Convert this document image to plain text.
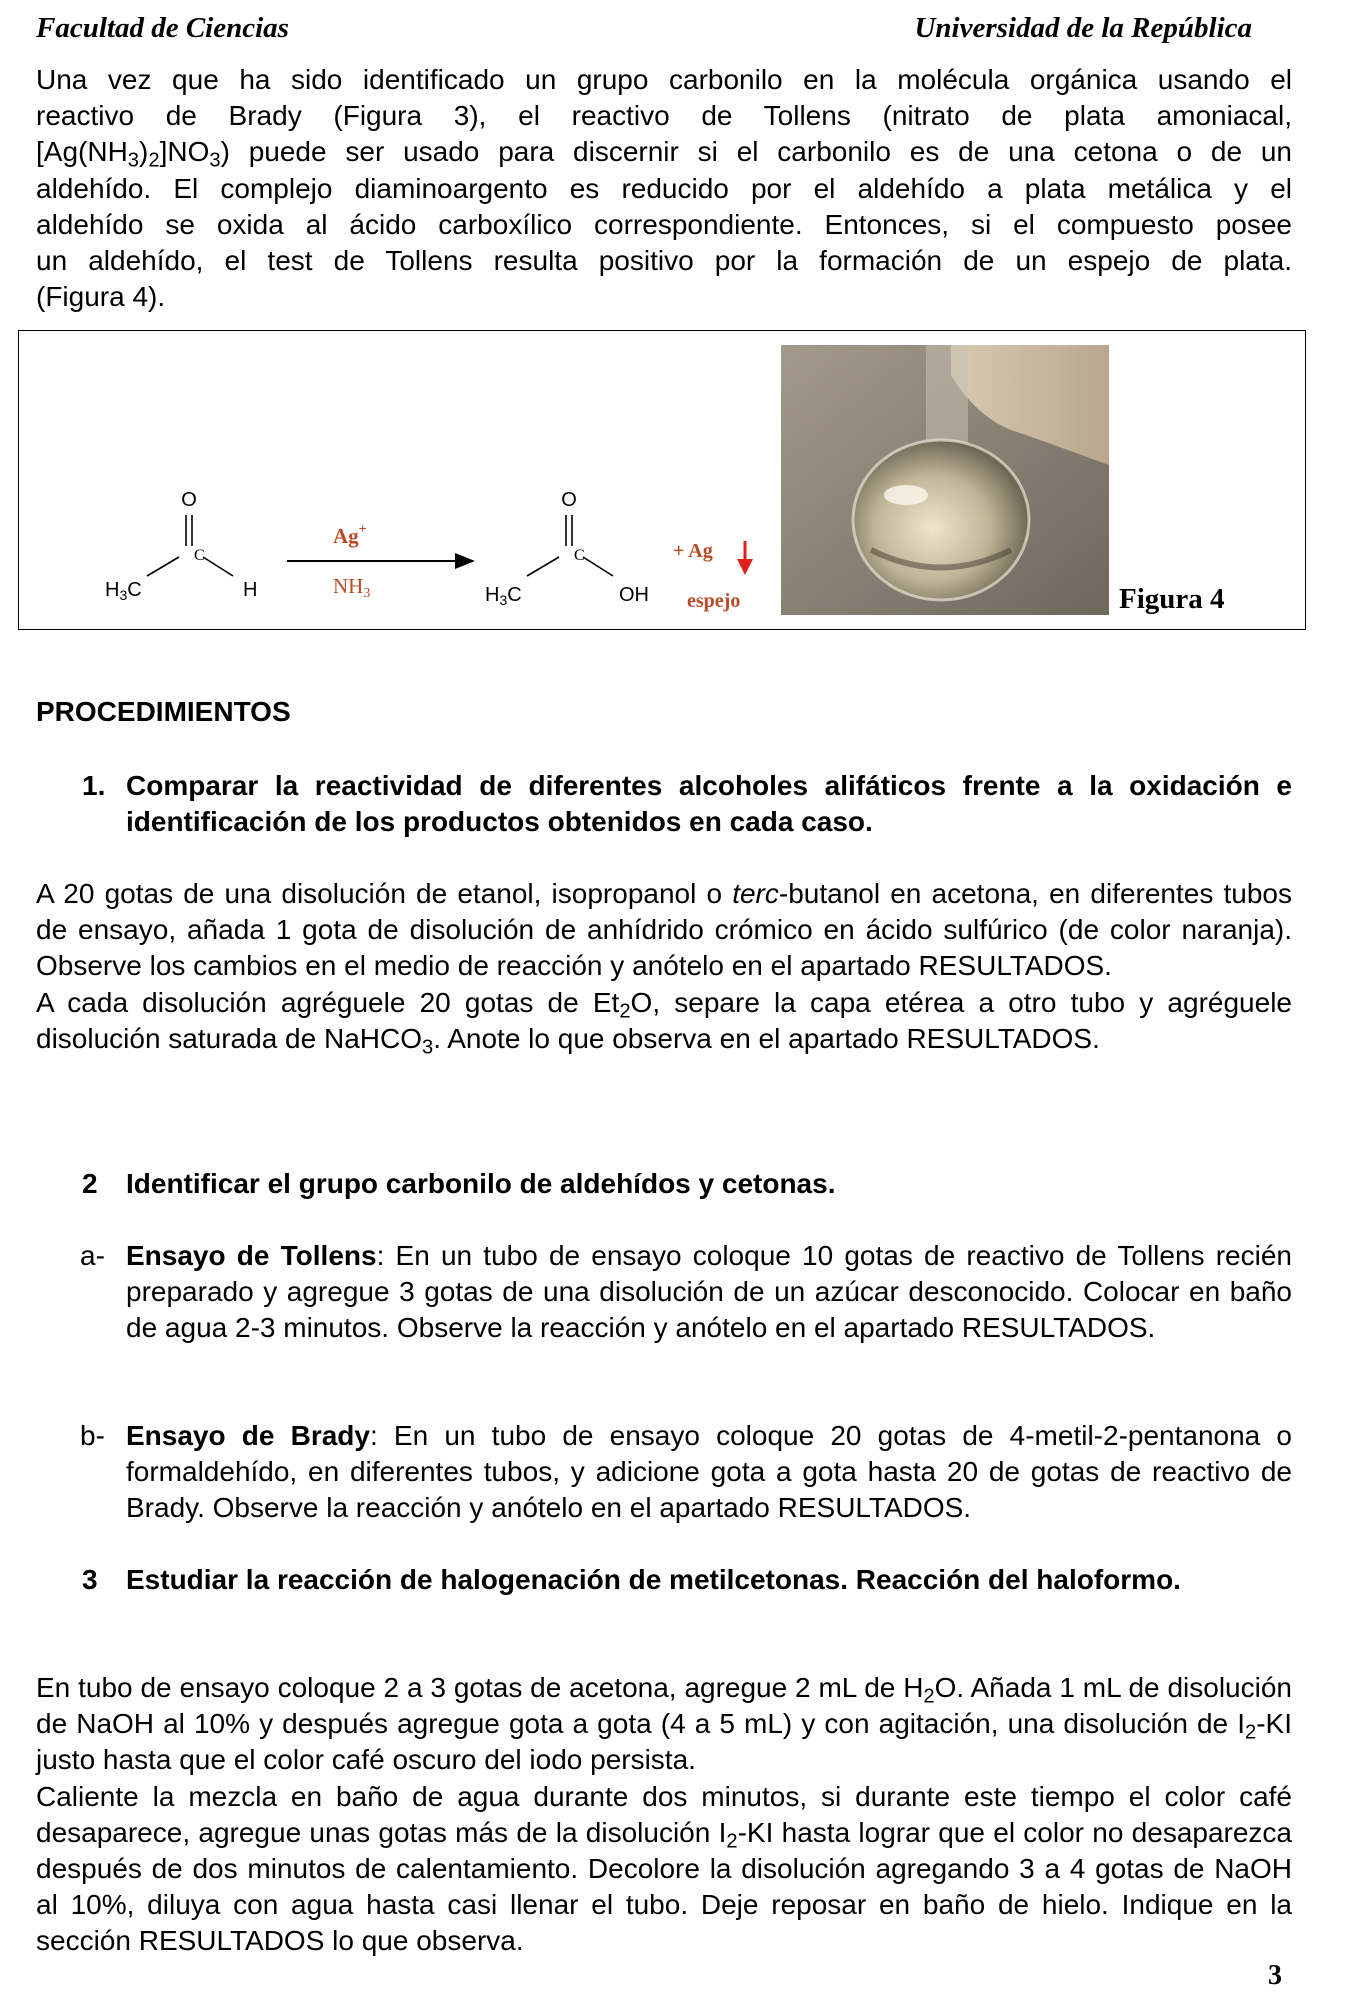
Facultad de Ciencias	Universidad de la República

Una vez que ha sido identificado un grupo carbonilo en la molécula orgánica usando el

reactivo de Brady (Figura 3), el reactivo de Tollens (nitrato de plata amoniacal,

$[Ag(NH_3)_2]NO_3$) puede ser usado para discernir si el carbonilo es de una cetona o de un

aldehído. El complejo diaminoargento es reducido por el aldehído a plata metálica y el

aldehído se oxida al ácido carboxílico correspondiente. Entonces, si el compuesto posee

un aldehído, el test de Tollens resulta positivo por la formación de un espejo de plata.

(Figura 4).

O
C
$H_3C$	H
Ag+
NH3
O
C
$H_3C$	OH
+ Ag
espejo	Figura 4
PROCEDIMIENTOS
1. Comparar la reactividad de diferentes alcoholes alifáticos frente a la oxidación e identificación de los productos obtenidos en cada caso.

A 20 gotas de una disolución de etanol, isopropanol o terc-butanol en acetona, en diferentes tubos de ensayo, añada 1 gota de disolución de anhídrido crómico en ácido sulfúrico (de color naranja). Observe los cambios en el medio de reacción y anótelo en el apartado RESULTADOS.

A cada disolución agréguele 20 gotas de $Et_2O$, separe la capa etérea a otro tubo y agréguele disolución saturada de NaHCO$_3$. Anote lo que observa en el apartado RESULTADOS.

2 Identificar el grupo carbonilo de aldehídos y cetonas.
a- Ensayo de Tollens: En un tubo de ensayo coloque 10 gotas de reactivo de Tollens recién preparado y agregue 3 gotas de una disolución de un azúcar desconocido. Colocar en baño de agua 2-3 minutos. Observe la reacción y anótelo en el apartado RESULTADOS.
b- Ensayo de Brady: En un tubo de ensayo coloque 20 gotas de 4-metil-2-pentanona o formaldehído, en diferentes tubos, y adicione gota a gota hasta 20 de gotas de reactivo de Brady. Observe la reacción y anótelo en el apartado RESULTADOS.
3 Estudiar la reacción de halogenación de metilcetonas. Reacción del haloformo.

En tubo de ensayo coloque 2 a 3 gotas de acetona, agregue 2 mL de $H_2O$. Añada 1 mL de disolución de NaOH al 10% y después agregue gota a gota (4 a 5 mL) y con agitación, una disolución de $I_2-KI$ justo hasta que el color café oscuro del iodo persista.

Caliente la mezcla en baño de agua durante dos minutos, si durante este tiempo el color café desaparece, agregue unas gotas más de la disolución $I_2-KI$ hasta lograr que el color no desaparezca después de dos minutos de calentamiento. Decolore la disolución agregando 3 a 4 gotas de NaOH al 10%, diluya con agua hasta casi llenar el tubo. Deje reposar en baño de hielo. Indique en la sección RESULTADOS lo que observa.

3
